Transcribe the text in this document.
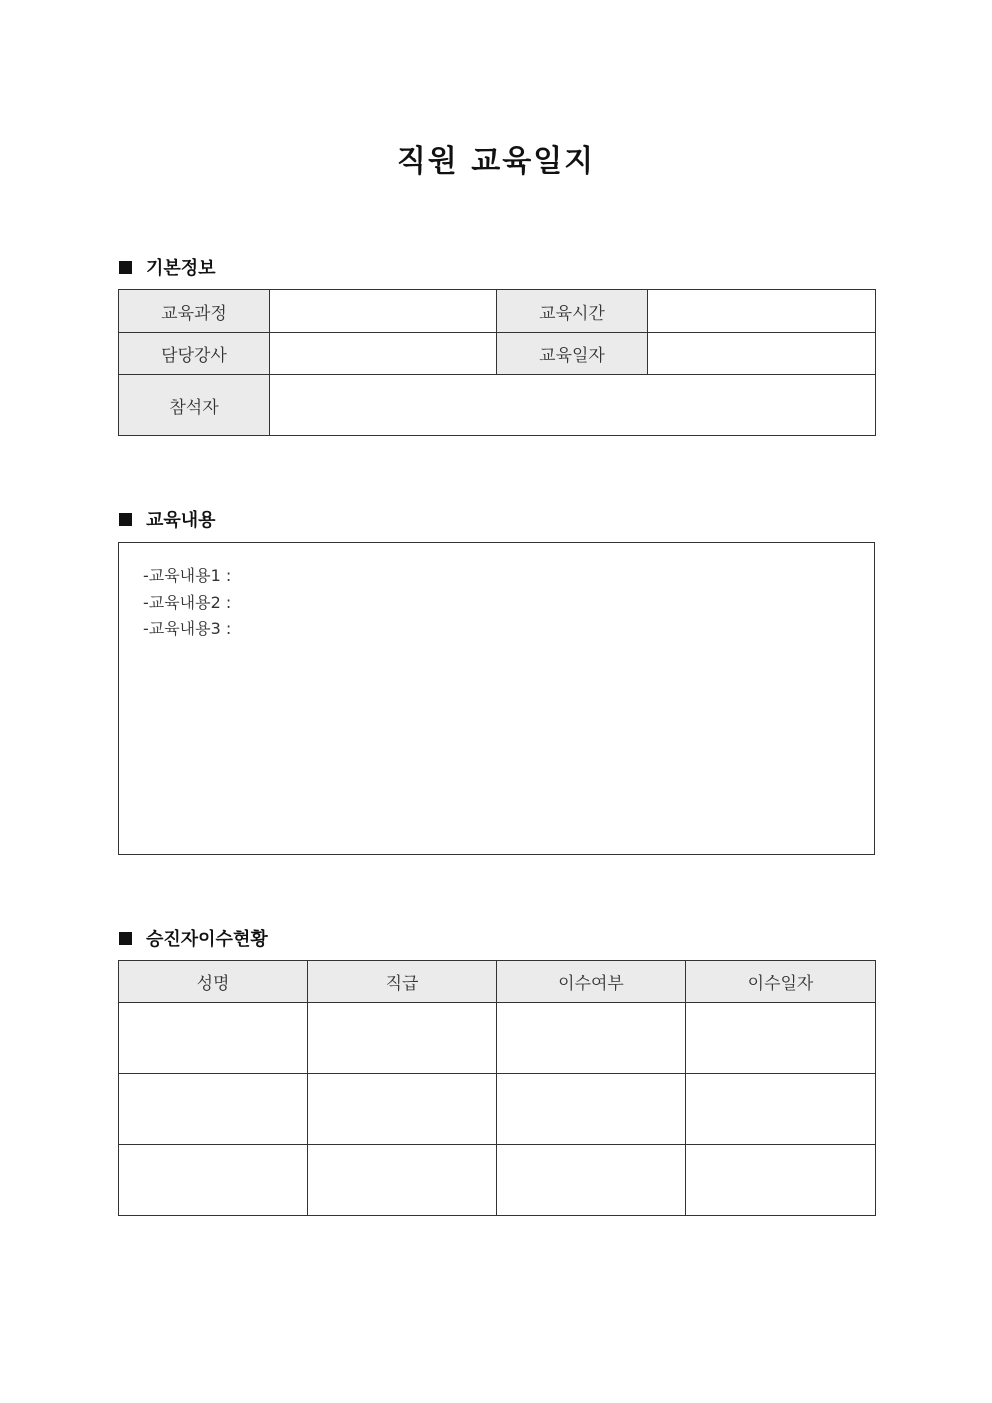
직원 교육일지
기본정보
교육과정		교육시간	
담당강사		교육일자	
참석자			
교육내용
-교육내용1 :
-교육내용2 :
-교육내용3 :
승진자이수현황
성명	직급	이수여부	이수일자
